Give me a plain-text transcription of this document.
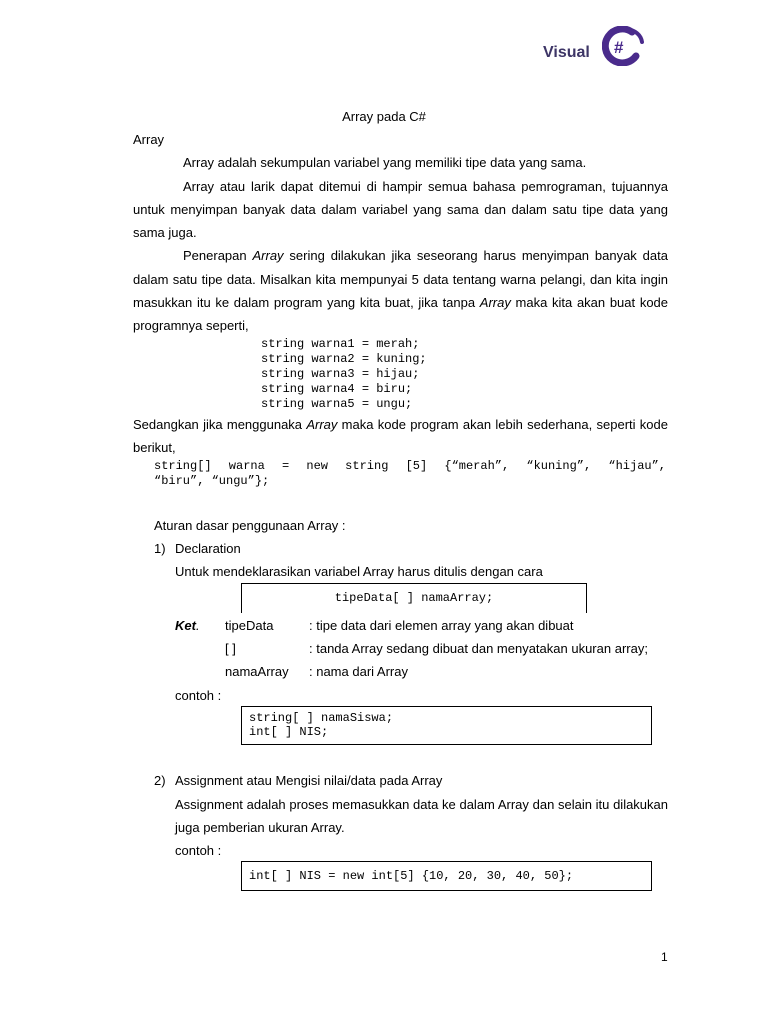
Visual #
Array pada C#
Array
Array adalah sekumpulan variabel yang memiliki tipe data yang sama.
Array atau larik dapat ditemui di hampir semua bahasa pemrograman, tujuannya
untuk menyimpan banyak data dalam variabel yang sama dan dalam satu tipe data yang
sama juga.
Penerapan Array sering dilakukan jika seseorang harus menyimpan banyak data
dalam satu tipe data. Misalkan kita mempunyai 5 data tentang warna pelangi, dan kita ingin
masukkan itu ke dalam program yang kita buat, jika tanpa Array maka kita akan buat kode
programnya seperti,
string warna1 = merah;
string warna2 = kuning;
string warna3 = hijau;
string warna4 = biru;
string warna5 = ungu;
Sedangkan jika menggunaka Array maka kode program akan lebih sederhana, seperti kode
berikut,
string[] warna = new string [5] {“merah”, “kuning”, “hijau”,
“biru”, “ungu”};
Aturan dasar penggunaan Array :
1) Declaration
Untuk mendeklarasikan variabel Array harus ditulis dengan cara
tipeData[ ] namaArray;
Ket. tipeData	: tipe data dari elemen array yang akan dibuat
[ ]	: tanda Array sedang dibuat dan menyatakan ukuran array;
namaArray : nama dari Array
contoh :
string[ ] namaSiswa;
int[ ] NIS;
2) Assignment atau Mengisi nilai/data pada Array
Assignment adalah proses memasukkan data ke dalam Array dan selain itu dilakukan
juga pemberian ukuran Array.
contoh :
int[ ] NIS = new int[5] {10, 20, 30, 40, 50};
1
